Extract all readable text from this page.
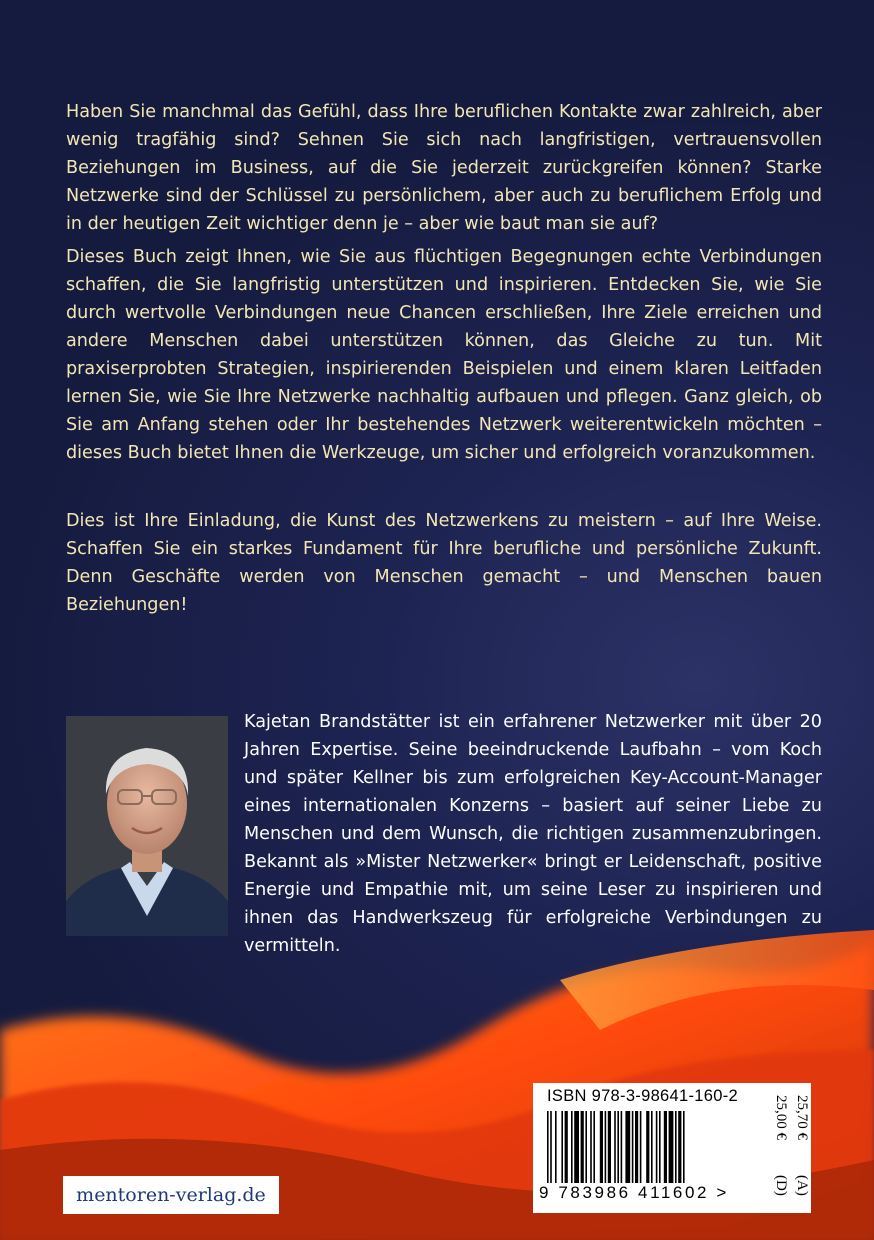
Haben Sie manchmal das Gefühl, dass Ihre beruflichen Kontakte zwar zahlreich, aber wenig tragfähig sind? Sehnen Sie sich nach langfristigen, vertrauensvollen Beziehungen im Business, auf die Sie jederzeit zurückgreifen können? Starke Netzwerke sind der Schlüssel zu persönlichem, aber auch zu beruflichem Erfolg und in der heutigen Zeit wichtiger denn je – aber wie baut man sie auf?

Dieses Buch zeigt Ihnen, wie Sie aus flüchtigen Begegnungen echte Verbindungen schaffen, die Sie langfristig unterstützen und inspirieren. Entdecken Sie, wie Sie durch wertvolle Verbindungen neue Chancen erschließen, Ihre Ziele erreichen und andere Menschen dabei unterstützen können, das Gleiche zu tun. Mit praxiserprobten Strategien, inspirierenden Beispielen und einem klaren Leitfaden lernen Sie, wie Sie Ihre Netzwerke nachhaltig aufbauen und pflegen. Ganz gleich, ob Sie am Anfang stehen oder Ihr bestehendes Netzwerk weiterentwickeln möchten – dieses Buch bietet Ihnen die Werkzeuge, um sicher und erfolgreich voranzukommen.

Dies ist Ihre Einladung, die Kunst des Netzwerkens zu meistern – auf Ihre Weise. Schaffen Sie ein starkes Fundament für Ihre berufliche und persönliche Zukunft. Denn Geschäfte werden von Menschen gemacht – und Menschen bauen Beziehungen!

Kajetan Brandstätter ist ein erfahrener Netzwerker mit über 20 Jahren Expertise. Seine beeindruckende Laufbahn – vom Koch und später Kellner bis zum erfolgreichen Key-Account-Manager eines internationalen Konzerns – basiert auf seiner Liebe zu Menschen und dem Wunsch, die richtigen zusammenzubringen. Bekannt als »Mister Netzwerker« bringt er Leidenschaft, positive Energie und Empathie mit, um seine Leser zu inspirieren und ihnen das Handwerkszeug für erfolgreiche Verbindungen zu vermitteln.

mentoren-verlag.de
ISBN 978-3-98641-160-2
9 783986 411602 >
25,00 € 25,70 €
(D) (A)
